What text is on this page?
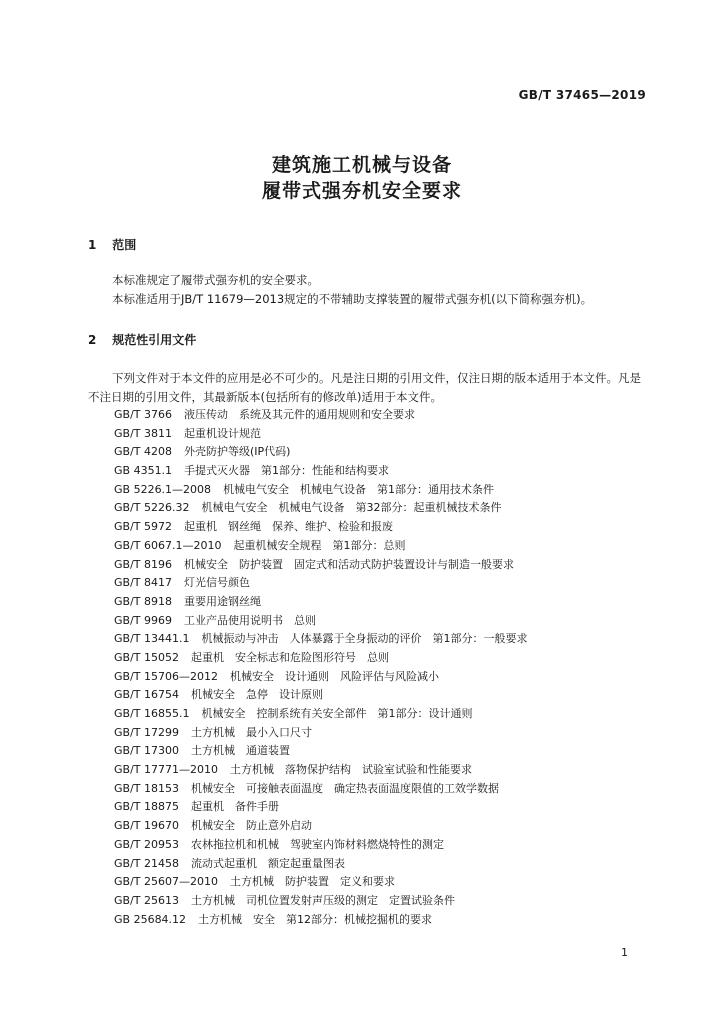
GB/T 37465—2019
建筑施工机械与设备
履带式强夯机安全要求
1 范围

本标准规定了履带式强夯机的安全要求。

本标准适用于JB/T 11679—2013规定的不带辅助支撑装置的履带式强夯机(以下简称强夯机)。

2 规范性引用文件

下列文件对于本文件的应用是必不可少的。凡是注日期的引用文件，仅注日期的版本适用于本文件。凡是不注日期的引用文件，其最新版本(包括所有的修改单)适用于本文件。

GB/T 3766 液压传动　系统及其元件的通用规则和安全要求
GB/T 3811 起重机设计规范
GB/T 4208 外壳防护等级(IP代码)
GB 4351.1 手提式灭火器　第1部分：性能和结构要求
GB 5226.1—2008 机械电气安全　机械电气设备　第1部分：通用技术条件
GB/T 5226.32 机械电气安全　机械电气设备　第32部分：起重机械技术条件
GB/T 5972 起重机　钢丝绳　保养、维护、检验和报废
GB/T 6067.1—2010 起重机械安全规程　第1部分：总则
GB/T 8196 机械安全　防护装置　固定式和活动式防护装置设计与制造一般要求
GB/T 8417 灯光信号颜色
GB/T 8918 重要用途钢丝绳
GB/T 9969 工业产品使用说明书　总则
GB/T 13441.1 机械振动与冲击　人体暴露于全身振动的评价　第1部分：一般要求
GB/T 15052 起重机　安全标志和危险图形符号　总则
GB/T 15706—2012 机械安全　设计通则　风险评估与风险减小
GB/T 16754 机械安全　急停　设计原则
GB/T 16855.1 机械安全　控制系统有关安全部件　第1部分：设计通则
GB/T 17299 土方机械　最小入口尺寸
GB/T 17300 土方机械　通道装置
GB/T 17771—2010 土方机械　落物保护结构　试验室试验和性能要求
GB/T 18153 机械安全　可接触表面温度　确定热表面温度限值的工效学数据
GB/T 18875 起重机　备件手册
GB/T 19670 机械安全　防止意外启动
GB/T 20953 农林拖拉机和机械　驾驶室内饰材料燃烧特性的测定
GB/T 21458 流动式起重机　额定起重量图表
GB/T 25607—2010 土方机械　防护装置　定义和要求
GB/T 25613 土方机械　司机位置发射声压级的测定　定置试验条件
GB 25684.12 土方机械　安全　第12部分：机械挖掘机的要求
1
